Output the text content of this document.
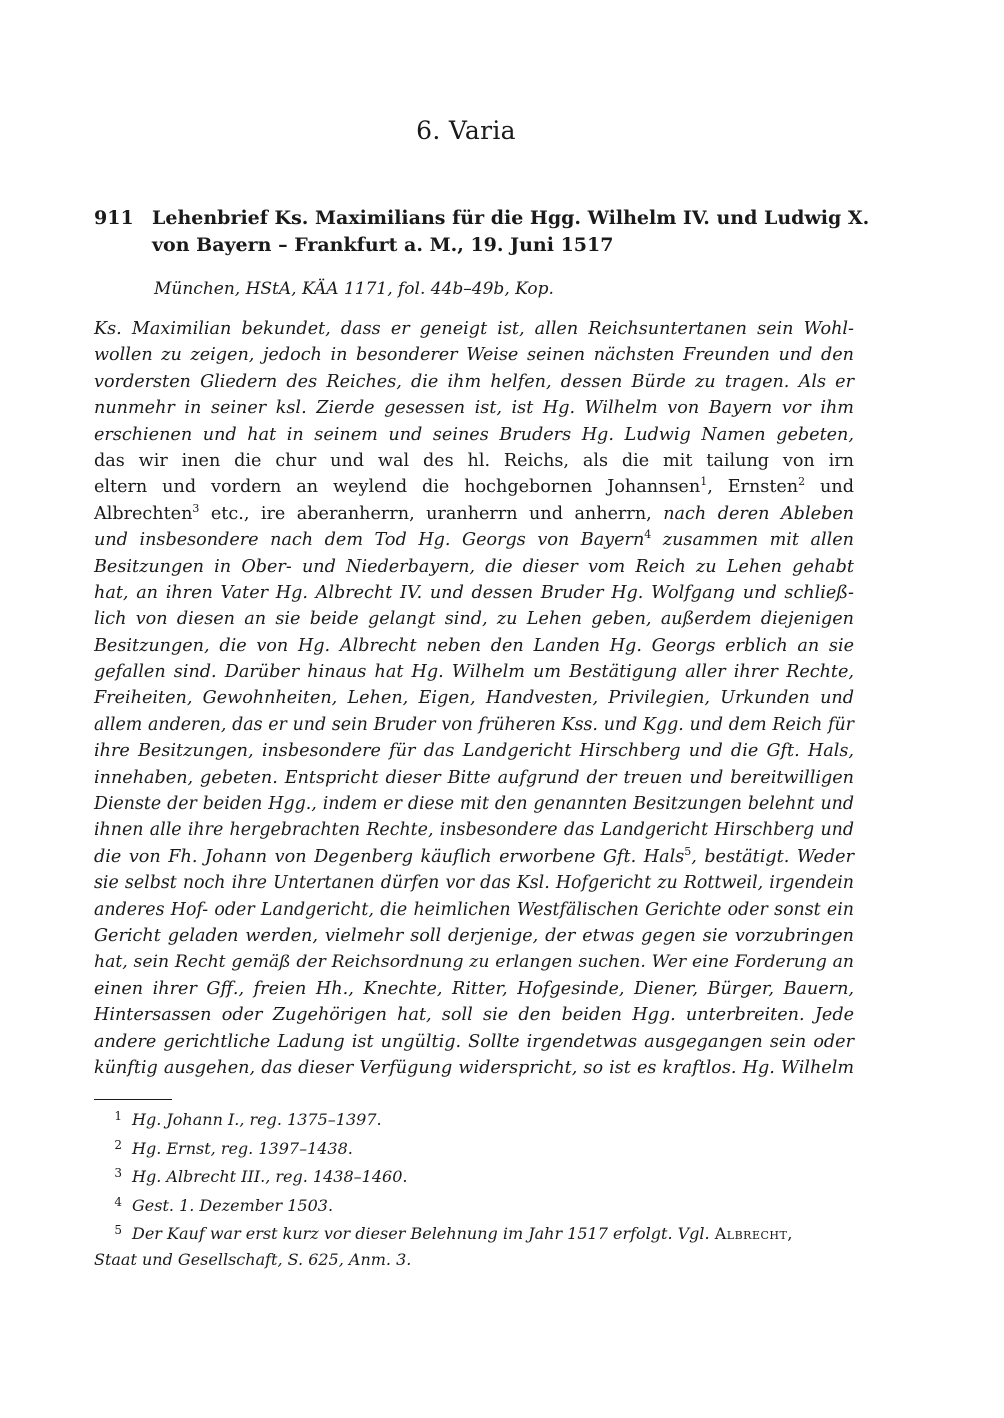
6. Varia
911 Lehenbrief Ks. Maximilians für die Hgg. Wilhelm IV. und Ludwig X.
von Bayern – Frankfurt a. M., 19. Juni 1517
München, HStA, KÄA 1171, fol. 44b–49b, Kop.
Ks. Maximilian bekundet, dass er geneigt ist, allen Reichsuntertanen sein Wohl-
wollen zu zeigen, jedoch in besonderer Weise seinen nächsten Freunden und den
vordersten Gliedern des Reiches, die ihm helfen, dessen Bürde zu tragen. Als er
nunmehr in seiner ksl. Zierde gesessen ist, ist Hg. Wilhelm von Bayern vor ihm
erschienen und hat in seinem und seines Bruders Hg. Ludwig Namen gebeten,
das wir inen die chur und wal des hl. Reichs, als die mit tailung von irn
eltern und vordern an weylend die hochgebornen Johannsen$^1$, Ernsten$^2$ und
Albrechten$^3$ etc., ire aberanherrn, uranherrn und anherrn, nach deren Ableben
und insbesondere nach dem Tod Hg. Georgs von Bayern$^4$ zusammen mit allen
Besitzungen in Ober- und Niederbayern, die dieser vom Reich zu Lehen gehabt
hat, an ihren Vater Hg. Albrecht IV. und dessen Bruder Hg. Wolfgang und schließ-
lich von diesen an sie beide gelangt sind, zu Lehen geben, außerdem diejenigen
Besitzungen, die von Hg. Albrecht neben den Landen Hg. Georgs erblich an sie
gefallen sind. Darüber hinaus hat Hg. Wilhelm um Bestätigung aller ihrer Rechte,
Freiheiten, Gewohnheiten, Lehen, Eigen, Handvesten, Privilegien, Urkunden und
allem anderen, das er und sein Bruder von früheren Kss. und Kgg. und dem Reich für
ihre Besitzungen, insbesondere für das Landgericht Hirschberg und die Gft. Hals,
innehaben, gebeten. Entspricht dieser Bitte aufgrund der treuen und bereitwilligen
Dienste der beiden Hgg., indem er diese mit den genannten Besitzungen belehnt und
ihnen alle ihre hergebrachten Rechte, insbesondere das Landgericht Hirschberg und
die von Fh. Johann von Degenberg käuflich erworbene Gft. Hals$^5$, bestätigt. Weder
sie selbst noch ihre Untertanen dürfen vor das Ksl. Hofgericht zu Rottweil, irgendein
anderes Hof- oder Landgericht, die heimlichen Westfälischen Gerichte oder sonst ein
Gericht geladen werden, vielmehr soll derjenige, der etwas gegen sie vorzubringen
hat, sein Recht gemäß der Reichsordnung zu erlangen suchen. Wer eine Forderung an
einen ihrer Gff., freien Hh., Knechte, Ritter, Hofgesinde, Diener, Bürger, Bauern,
Hintersassen oder Zugehörigen hat, soll sie den beiden Hgg. unterbreiten. Jede
andere gerichtliche Ladung ist ungültig. Sollte irgendetwas ausgegangen sein oder
künftig ausgehen, das dieser Verfügung widerspricht, so ist es kraftlos. Hg. Wilhelm
1 Hg. Johann I., reg. 1375–1397.
2 Hg. Ernst, reg. 1397–1438.
3 Hg. Albrecht III., reg. 1438–1460.
4 Gest. 1. Dezember 1503.
5 Der Kauf war erst kurz vor dieser Belehnung im Jahr 1517 erfolgt. Vgl. Albrecht,
Staat und Gesellschaft, S. 625, Anm. 3.
